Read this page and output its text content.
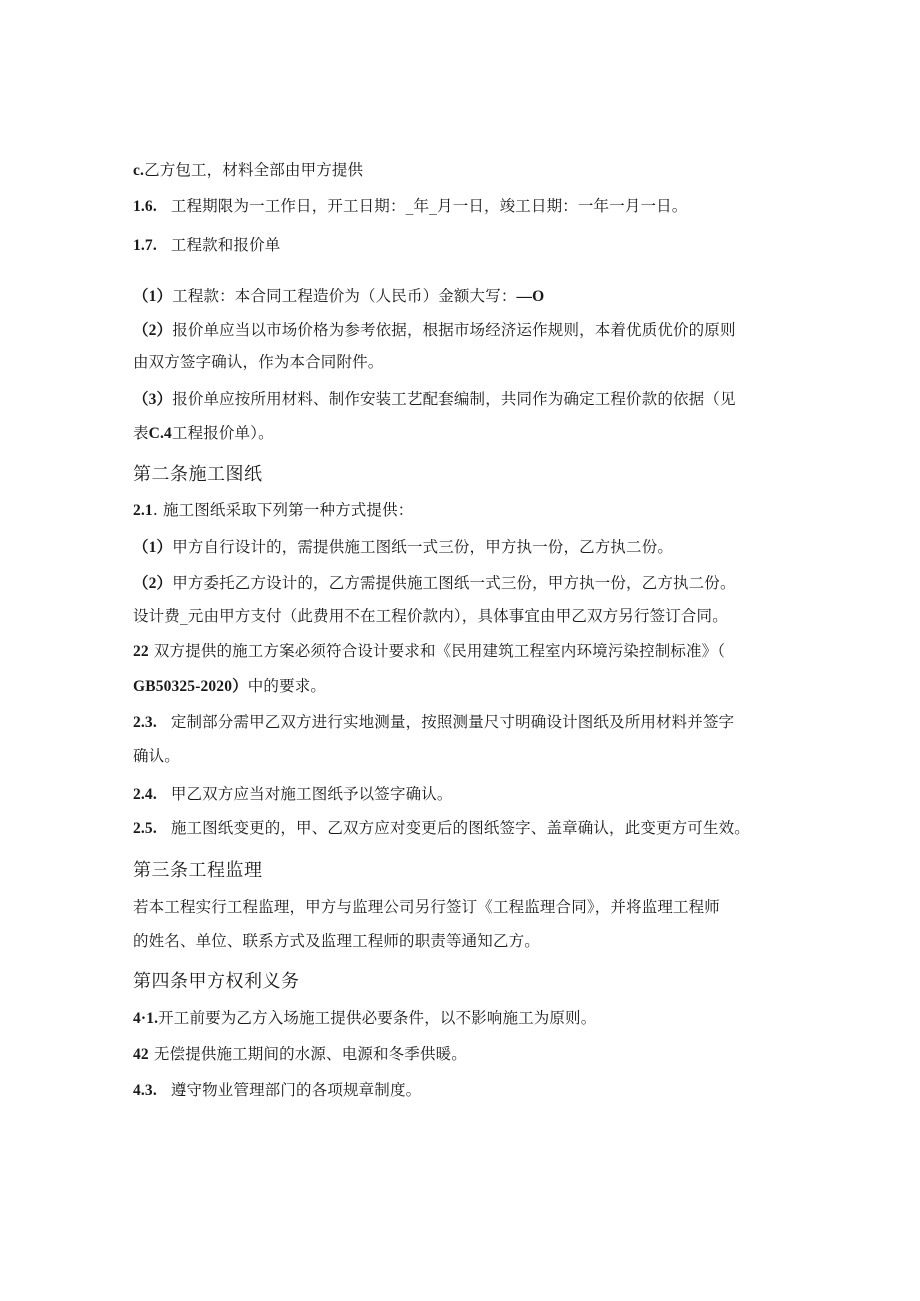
c.乙方包工，材料全部由甲方提供
1.6. 工程期限为一工作日，开工日期：_年_月一日，竣工日期：一年一月一日。
1.7. 工程款和报价单
（1）工程款：本合同工程造价为（人民币）金额大写：—O
（2）报价单应当以市场价格为参考依据，根据市场经济运作规则，本着优质优价的原则
由双方签字确认，作为本合同附件。
（3）报价单应按所用材料、制作安装工艺配套编制，共同作为确定工程价款的依据（见
表C.4工程报价单）。
第二条施工图纸
2.1. 施工图纸采取下列第一种方式提供：
（1）甲方自行设计的，需提供施工图纸一式三份，甲方执一份，乙方执二份。
（2）甲方委托乙方设计的，乙方需提供施工图纸一式三份，甲方执一份，乙方执二份。
设计费_元由甲方支付（此费用不在工程价款内），具体事宜由甲乙双方另行签订合同。
22 双方提供的施工方案必须符合设计要求和《民用建筑工程室内环境污染控制标准》（
GB50325-2020）中的要求。
2.3. 定制部分需甲乙双方进行实地测量，按照测量尺寸明确设计图纸及所用材料并签字
确认。
2.4. 甲乙双方应当对施工图纸予以签字确认。
2.5. 施工图纸变更的，甲、乙双方应对变更后的图纸签字、盖章确认，此变更方可生效。
第三条工程监理
若本工程实行工程监理，甲方与监理公司另行签订《工程监理合同》，并将监理工程师
的姓名、单位、联系方式及监理工程师的职责等通知乙方。
第四条甲方权利义务
4·1.开工前要为乙方入场施工提供必要条件，以不影响施工为原则。
42 无偿提供施工期间的水源、电源和冬季供暖。
4.3. 遵守物业管理部门的各项规章制度。
